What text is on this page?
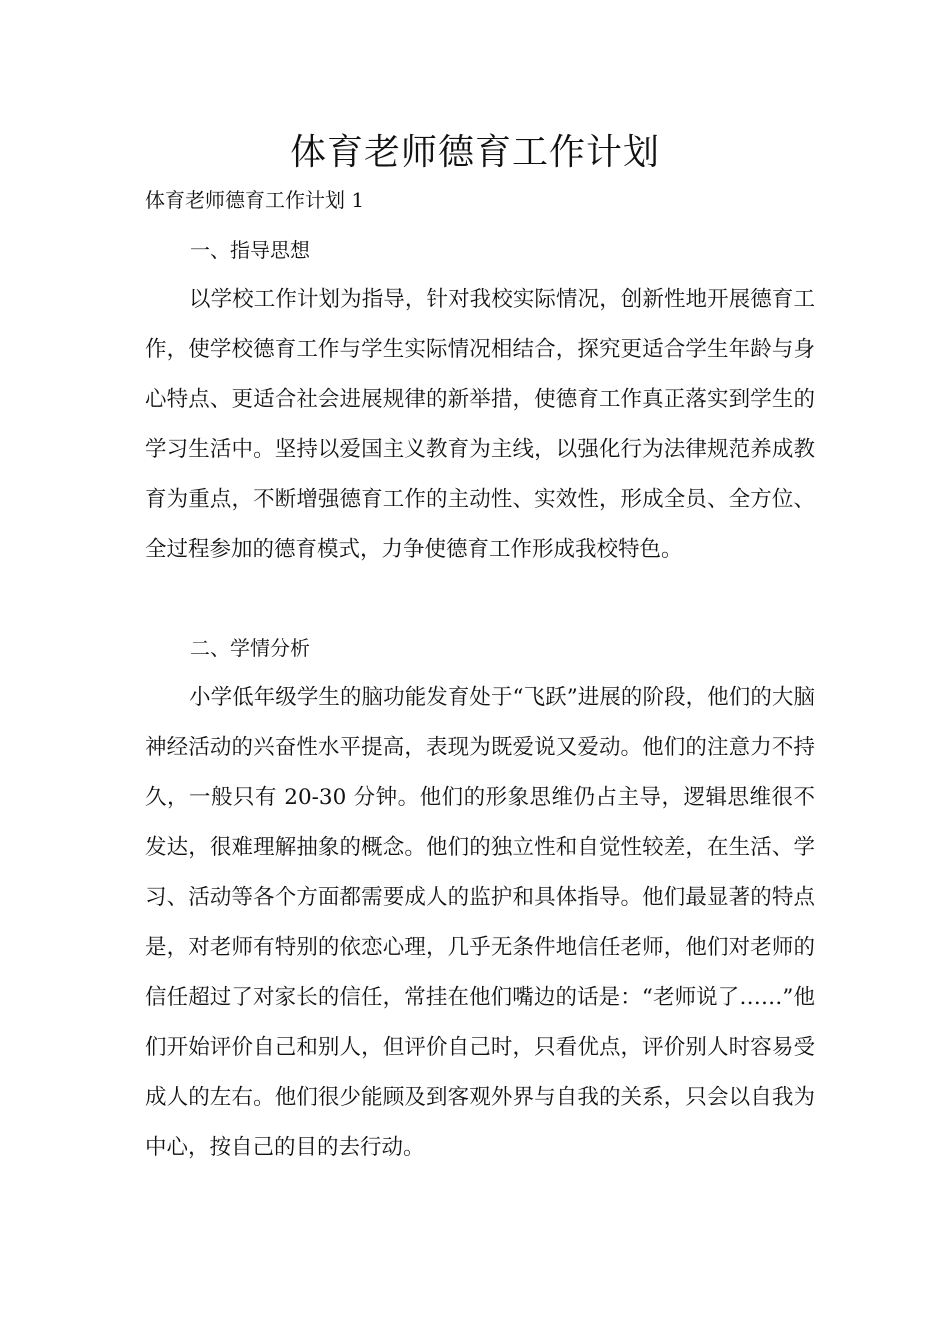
体育老师德育工作计划

体育老师德育工作计划 1

一、指导思想

以学校工作计划为指导，针对我校实际情况，创新性地开展德育工作，使学校德育工作与学生实际情况相结合，探究更适合学生年龄与身心特点、更适合社会进展规律的新举措，使德育工作真正落实到学生的学习生活中。坚持以爱国主义教育为主线，以强化行为法律规范养成教育为重点，不断增强德育工作的主动性、实效性，形成全员、全方位、全过程参加的德育模式，力争使德育工作形成我校特色。

二、学情分析

小学低年级学生的脑功能发育处于“飞跃”进展的阶段，他们的大脑神经活动的兴奋性水平提高，表现为既爱说又爱动。他们的注意力不持久，一般只有 20-30 分钟。他们的形象思维仍占主导，逻辑思维很不发达，很难理解抽象的概念。他们的独立性和自觉性较差，在生活、学习、活动等各个方面都需要成人的监护和具体指导。他们最显著的特点是，对老师有特别的依恋心理，几乎无条件地信任老师，他们对老师的信任超过了对家长的信任，常挂在他们嘴边的话是：“老师说了……”他们开始评价自己和别人，但评价自己时，只看优点，评价别人时容易受成人的左右。他们很少能顾及到客观外界与自我的关系，只会以自我为中心，按自己的目的去行动。
